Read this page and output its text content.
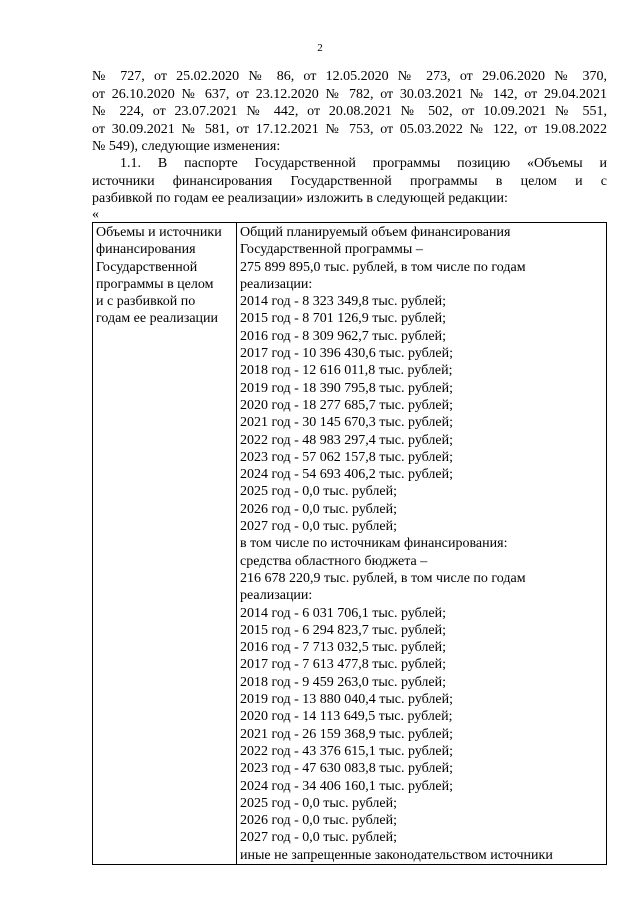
2
№ 727, от 25.02.2020 № 86, от 12.05.2020 № 273, от 29.06.2020 № 370,
от 26.10.2020 № 637, от 23.12.2020 № 782, от 30.03.2021 № 142, от 29.04.2021
№ 224, от 23.07.2021 № 442, от 20.08.2021 № 502, от 10.09.2021 № 551,
от 30.09.2021 № 581, от 17.12.2021 № 753, от 05.03.2022 № 122, от 19.08.2022
№ 549), следующие изменения:
1.1. В паспорте Государственной программы позицию «Объемы и
источники финансирования Государственной программы в целом и с
разбивкой по годам ее реализации» изложить в следующей редакции:
«
Объемы и источники
финансирования
Государственной
программы в целом
и с разбивкой по
годам ее реализации

Общий планируемый объем финансирования
Государственной программы –
275 899 895,0 тыс. рублей, в том числе по годам
реализации:
2014 год - 8 323 349,8 тыс. рублей;
2015 год - 8 701 126,9 тыс. рублей;
2016 год - 8 309 962,7 тыс. рублей;
2017 год - 10 396 430,6 тыс. рублей;
2018 год - 12 616 011,8 тыс. рублей;
2019 год - 18 390 795,8 тыс. рублей;
2020 год - 18 277 685,7 тыс. рублей;
2021 год - 30 145 670,3 тыс. рублей;
2022 год - 48 983 297,4 тыс. рублей;
2023 год - 57 062 157,8 тыс. рублей;
2024 год - 54 693 406,2 тыс. рублей;
2025 год - 0,0 тыс. рублей;
2026 год - 0,0 тыс. рублей;
2027 год - 0,0 тыс. рублей;
в том числе по источникам финансирования:
средства областного бюджета –
216 678 220,9 тыс. рублей, в том числе по годам
реализации:
2014 год - 6 031 706,1 тыс. рублей;
2015 год - 6 294 823,7 тыс. рублей;
2016 год - 7 713 032,5 тыс. рублей;
2017 год - 7 613 477,8 тыс. рублей;
2018 год - 9 459 263,0 тыс. рублей;
2019 год - 13 880 040,4 тыс. рублей;
2020 год - 14 113 649,5 тыс. рублей;
2021 год - 26 159 368,9 тыс. рублей;
2022 год - 43 376 615,1 тыс. рублей;
2023 год - 47 630 083,8 тыс. рублей;
2024 год - 34 406 160,1 тыс. рублей;
2025 год - 0,0 тыс. рублей;
2026 год - 0,0 тыс. рублей;
2027 год - 0,0 тыс. рублей;
иные не запрещенные законодательством источники
